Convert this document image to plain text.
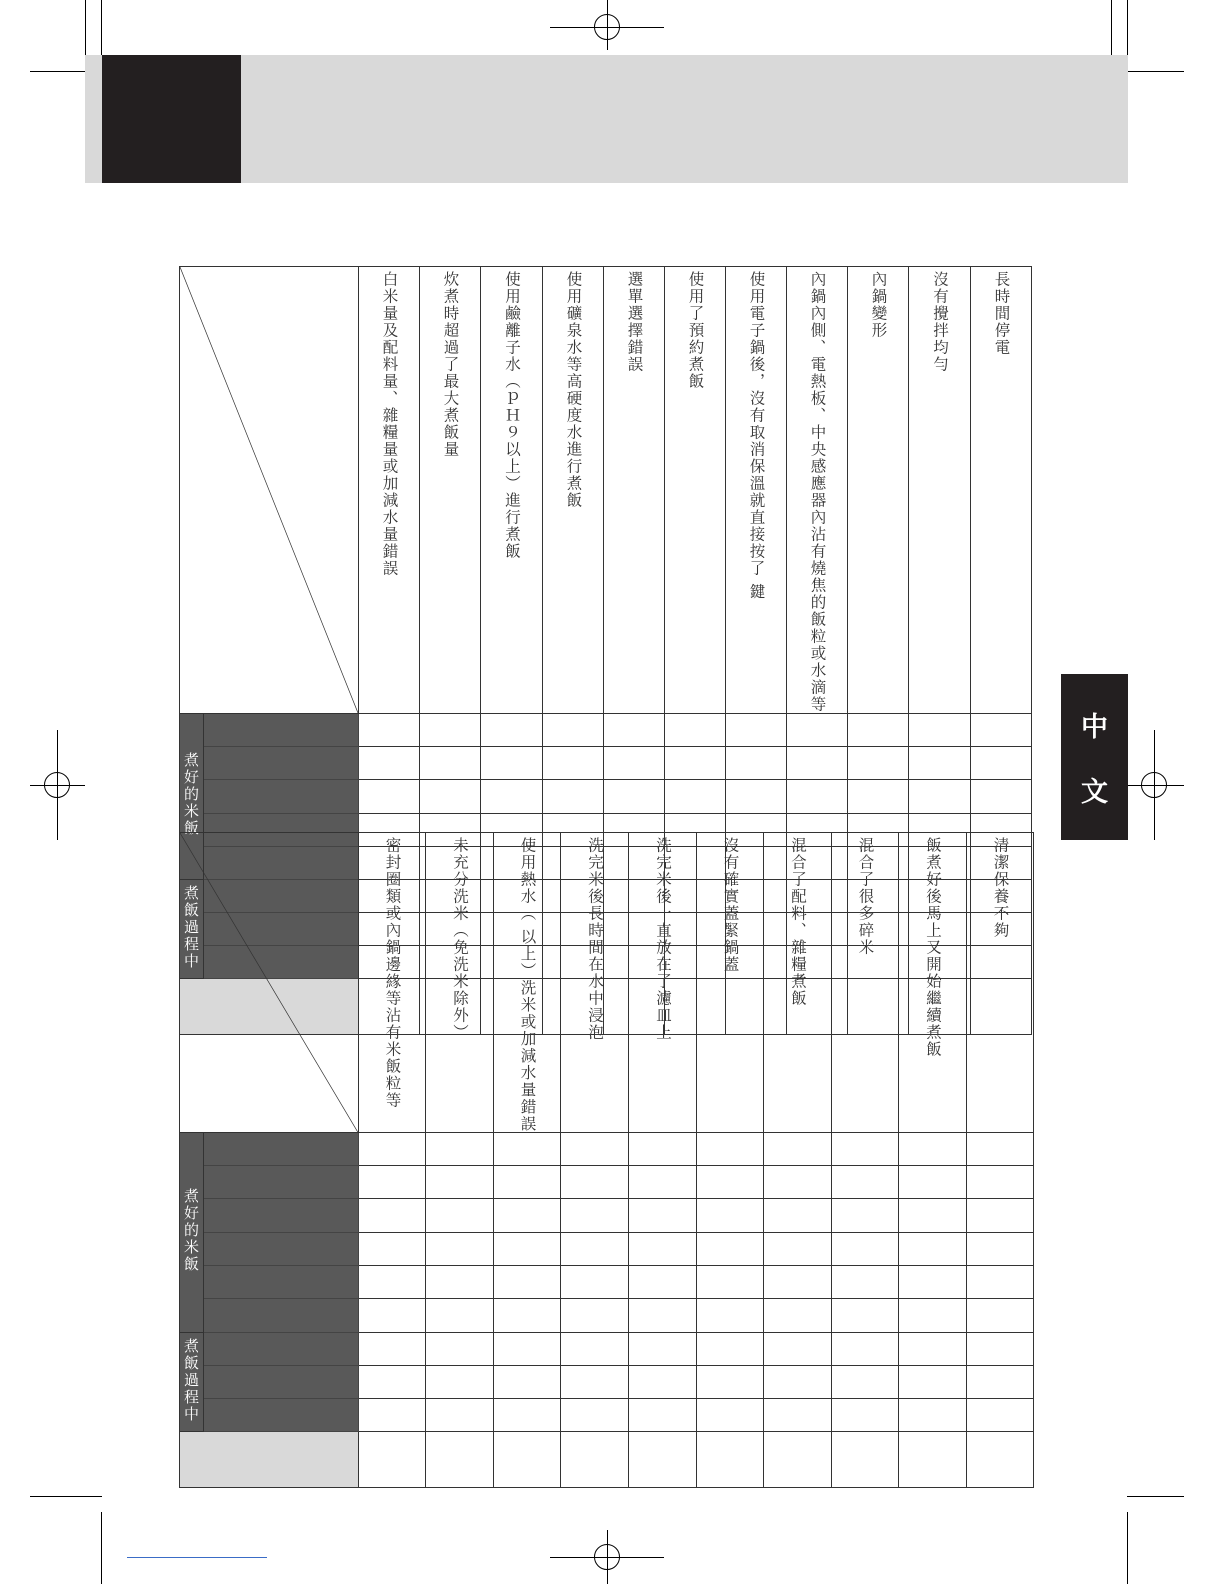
中
文

白米量及配料量、雜糧量或加減水量錯誤	炊煮時超過了最大煮飯量	使用鹼離子水（ｐＨ９以上）進行煮飯	使用礦泉水等高硬度水進行煮飯	選單選擇錯誤	使用了預約煮飯	使用電子鍋後，沒有取消保溫就直接按了 鍵	內鍋內側、電熱板、中央感應器內沾有燒焦的飯粒或水滴等	內鍋變形	沒有攪拌均勻	長時間停電

煮好的米飯												

煮飯過程中												

		密封圈類或內鍋邊緣等沾有米飯粒等	未充分洗米（免洗米除外）	使用熱水（ 以上）洗米或加減水量錯誤	洗完米後長時間在水中浸泡	洗完米後一直放在了濾皿上	沒有確實蓋緊鍋蓋	混合了配料、雜糧煮飯	混合了很多碎米	飯煮好後馬上又開始繼續煮飯	清潔保養不夠

煮好的米飯											

煮飯過程中											
